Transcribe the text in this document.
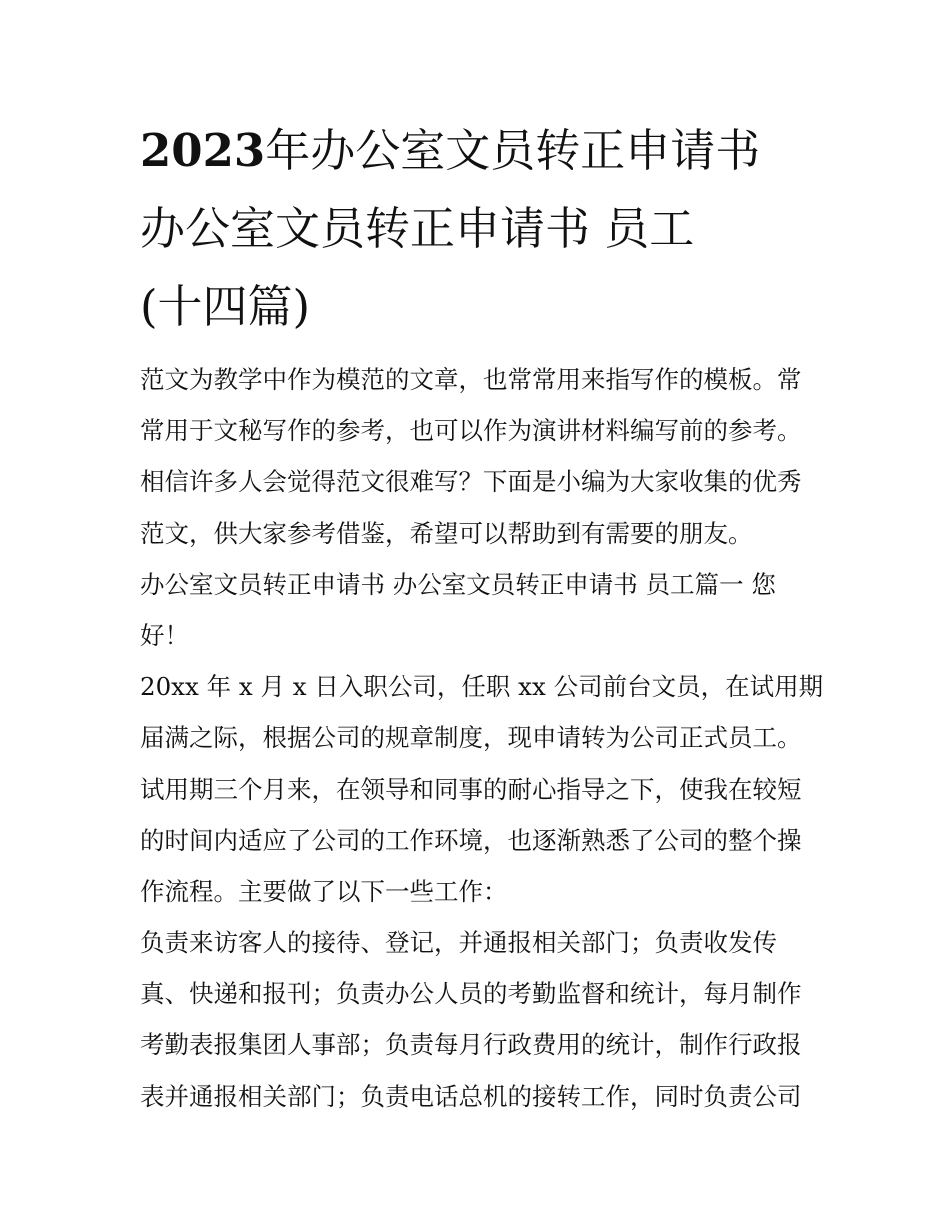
2023年办公室文员转正申请书
办公室文员转正申请书 员工
(十四篇)
范文为教学中作为模范的文章，也常常用来指写作的模板。常
常用于文秘写作的参考，也可以作为演讲材料编写前的参考。
相信许多人会觉得范文很难写？下面是小编为大家收集的优秀
范文，供大家参考借鉴，希望可以帮助到有需要的朋友。
办公室文员转正申请书 办公室文员转正申请书 员工篇一 您
好！
20xx 年 x 月 x 日入职公司，任职 xx 公司前台文员，在试用期
届满之际，根据公司的规章制度，现申请转为公司正式员工。
试用期三个月来，在领导和同事的耐心指导之下，使我在较短
的时间内适应了公司的工作环境，也逐渐熟悉了公司的整个操
作流程。主要做了以下一些工作：
负责来访客人的接待、登记，并通报相关部门；负责收发传
真、快递和报刊；负责办公人员的考勤监督和统计，每月制作
考勤表报集团人事部；负责每月行政费用的统计，制作行政报
表并通报相关部门；负责电话总机的接转工作，同时负责公司
